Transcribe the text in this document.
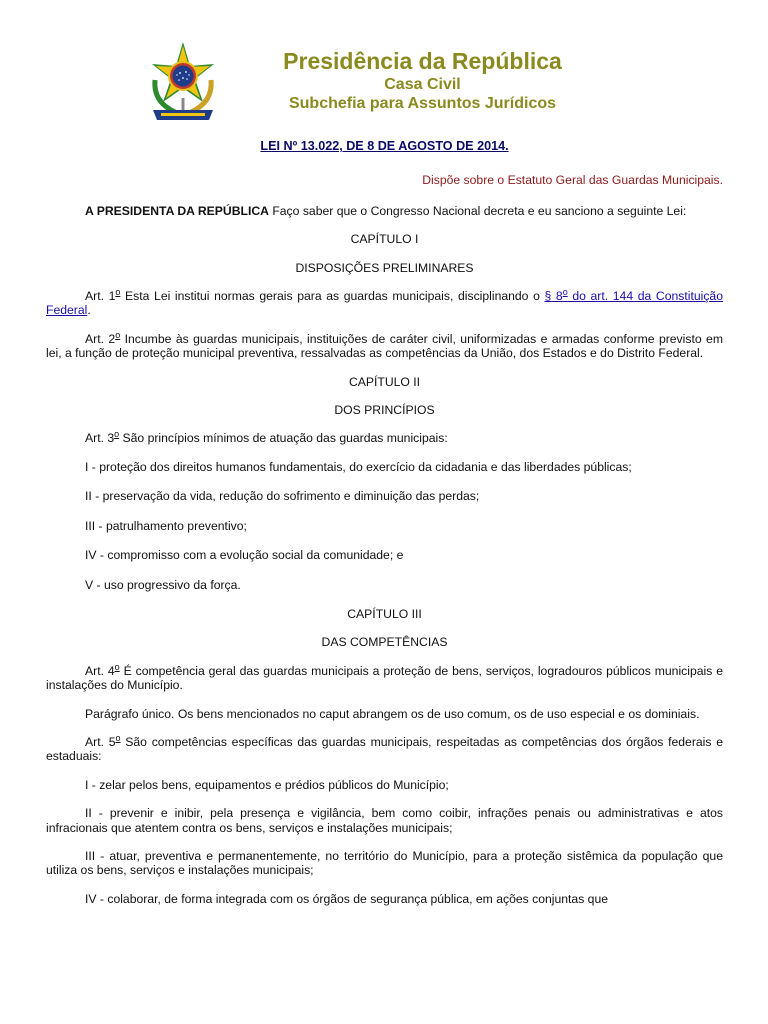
Presidência da República
Casa Civil
Subchefia para Assuntos Jurídicos

LEI Nº 13.022, DE 8 DE AGOSTO DE 2014.

Dispõe sobre o Estatuto Geral das Guardas Municipais.

A PRESIDENTA DA REPÚBLICA Faço saber que o Congresso Nacional decreta e eu sanciono a seguinte Lei:

CAPÍTULO I

DISPOSIÇÕES PRELIMINARES

Art. 1$^o$ Esta Lei institui normas gerais para as guardas municipais, disciplinando o § 8$^o$ do art. 144 da Constituição Federal.

Art. 2$^o$ Incumbe às guardas municipais, instituições de caráter civil, uniformizadas e armadas conforme previsto em lei, a função de proteção municipal preventiva, ressalvadas as competências da União, dos Estados e do Distrito Federal.

CAPÍTULO II

DOS PRINCÍPIOS

Art. 3$^o$ São princípios mínimos de atuação das guardas municipais:

I - proteção dos direitos humanos fundamentais, do exercício da cidadania e das liberdades públicas;

II - preservação da vida, redução do sofrimento e diminuição das perdas;

III - patrulhamento preventivo;

IV - compromisso com a evolução social da comunidade; e

V - uso progressivo da força.

CAPÍTULO III

DAS COMPETÊNCIAS

Art. 4$^o$ É competência geral das guardas municipais a proteção de bens, serviços, logradouros públicos municipais e instalações do Município.

Parágrafo único. Os bens mencionados no caput abrangem os de uso comum, os de uso especial e os dominiais.

Art. 5$^o$ São competências específicas das guardas municipais, respeitadas as competências dos órgãos federais e estaduais:

I - zelar pelos bens, equipamentos e prédios públicos do Município;

II - prevenir e inibir, pela presença e vigilância, bem como coibir, infrações penais ou administrativas e atos infracionais que atentem contra os bens, serviços e instalações municipais;

III - atuar, preventiva e permanentemente, no território do Município, para a proteção sistêmica da população que utiliza os bens, serviços e instalações municipais;

IV - colaborar, de forma integrada com os órgãos de segurança pública, em ações conjuntas que
